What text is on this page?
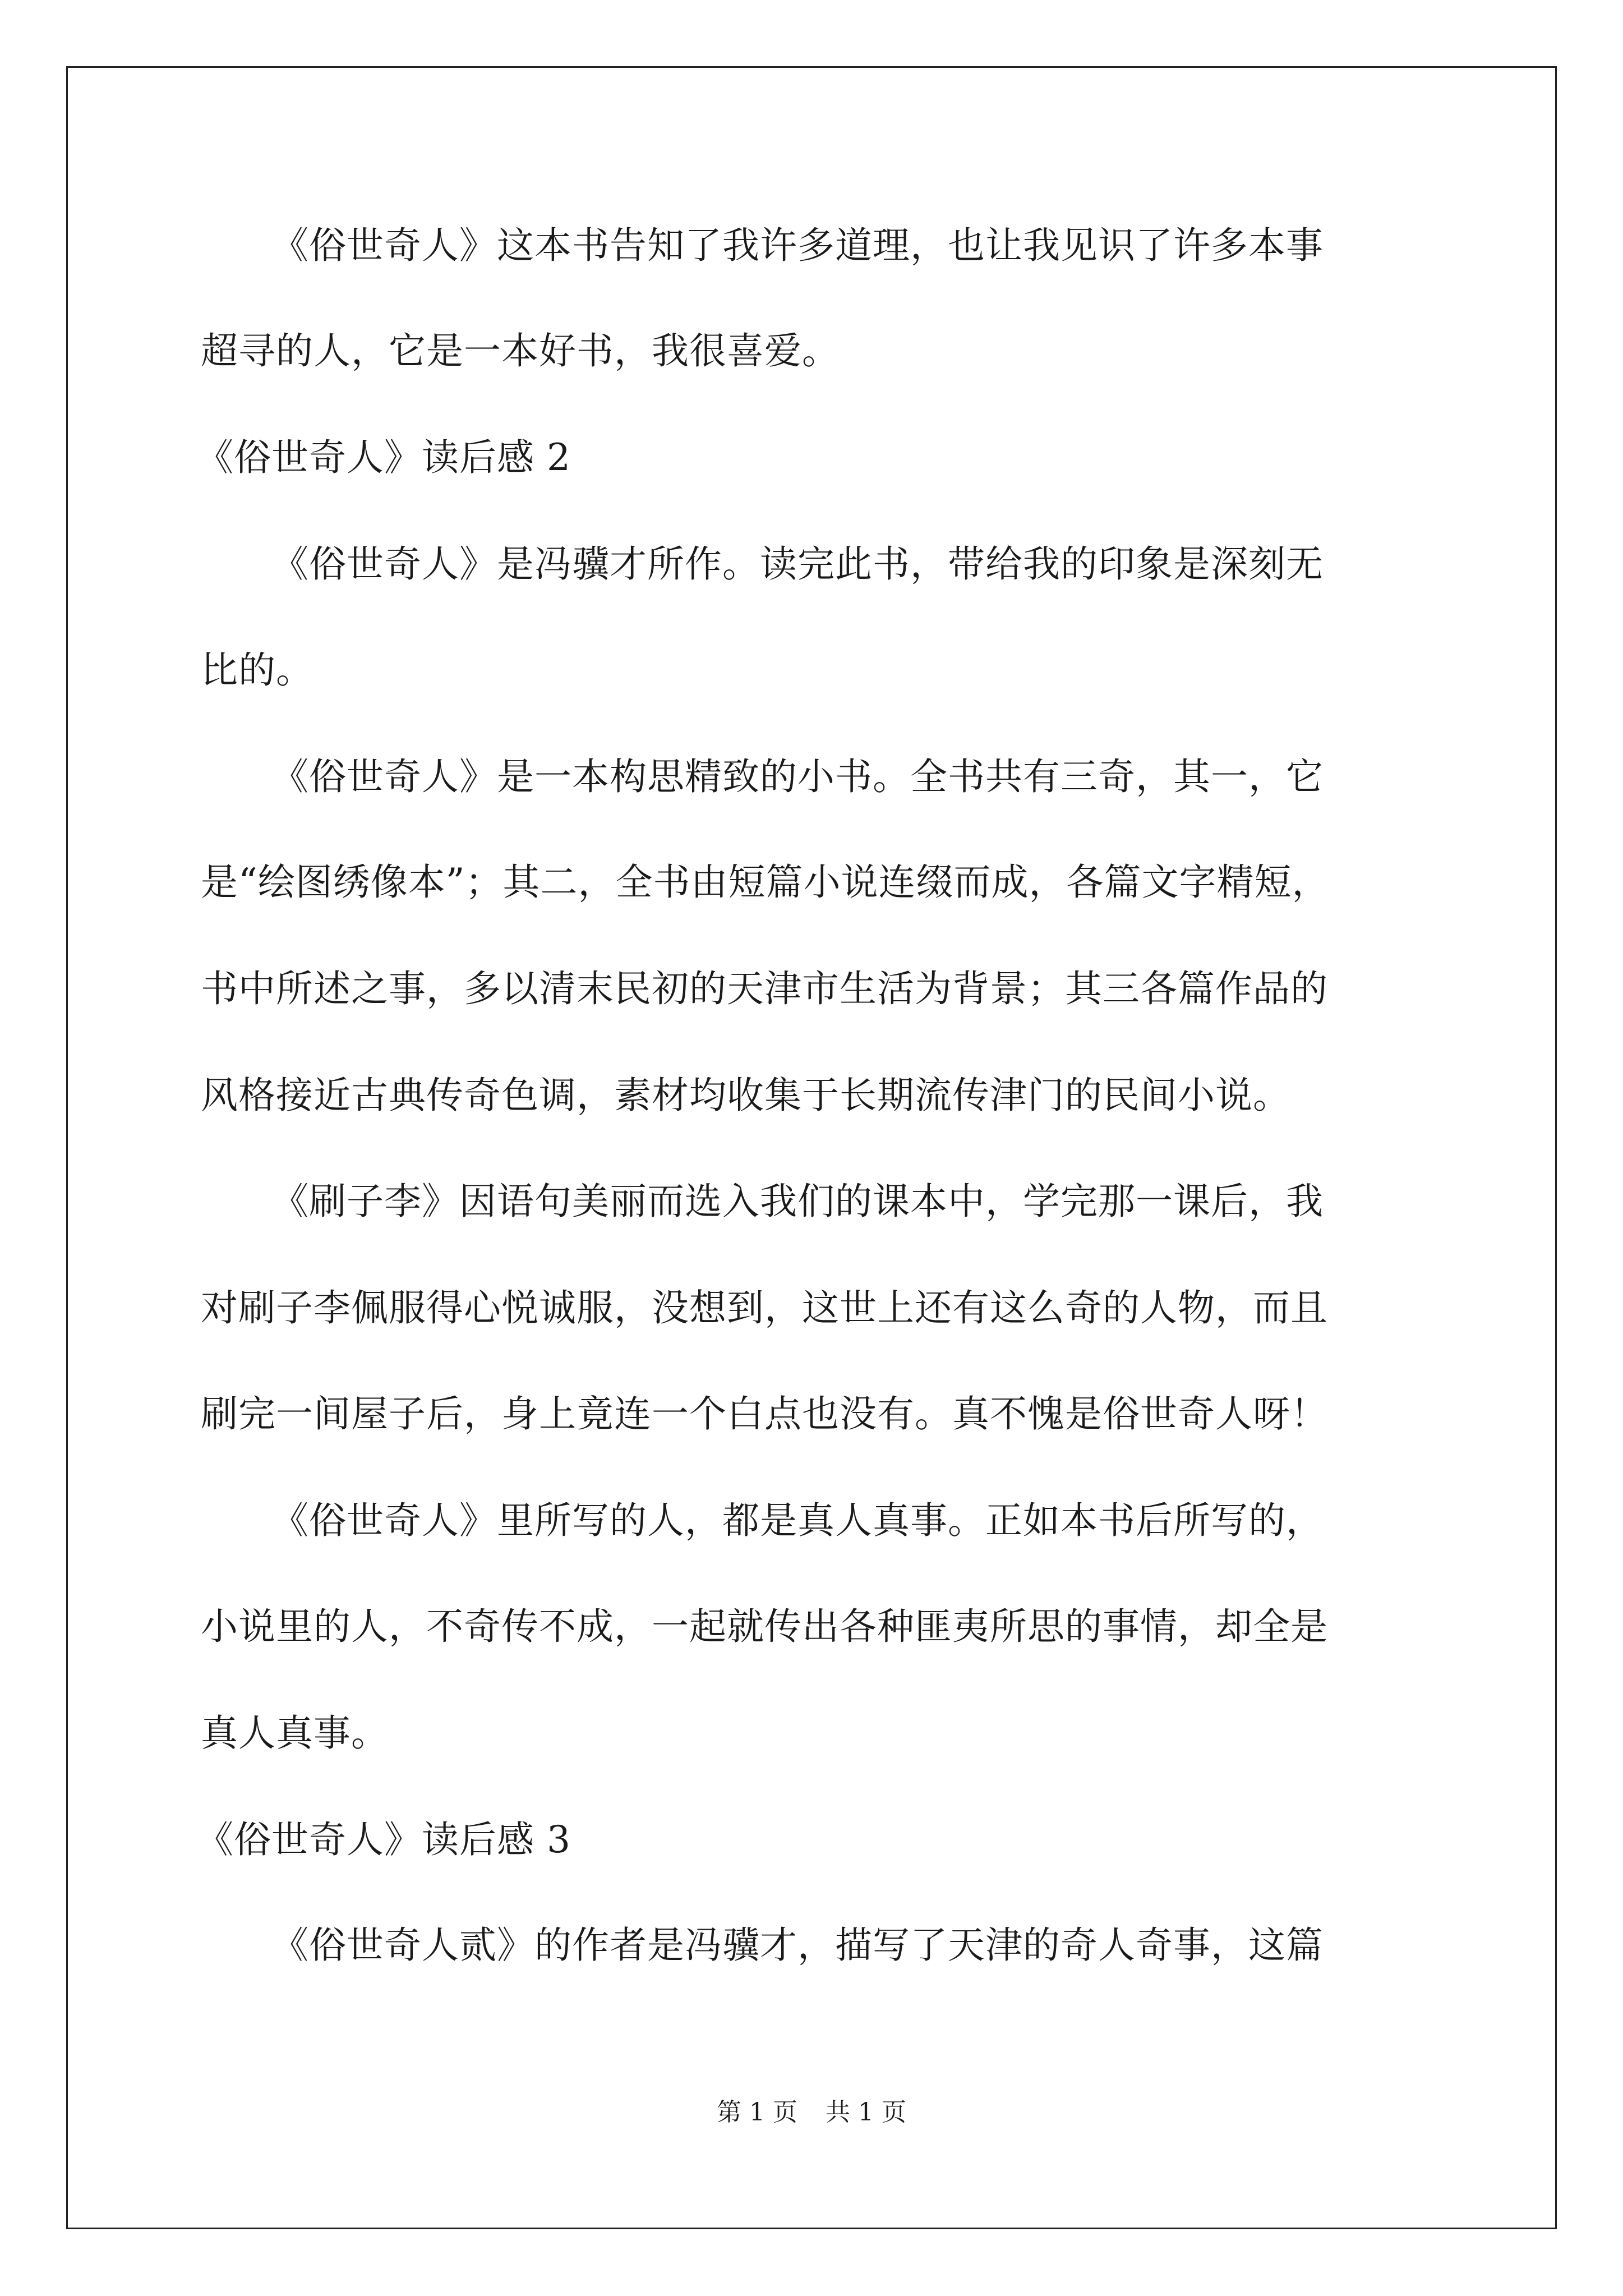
《俗世奇人》这本书告知了我许多道理，也让我见识了许多本事
超寻的人，它是一本好书，我很喜爱。
《俗世奇人》读后感 2
《俗世奇人》是冯骥才所作。读完此书，带给我的印象是深刻无
比的。
《俗世奇人》是一本构思精致的小书。全书共有三奇，其一，它
是“绘图绣像本”；其二，全书由短篇小说连缀而成，各篇文字精短，
书中所述之事，多以清末民初的天津市生活为背景；其三各篇作品的
风格接近古典传奇色调，素材均收集于长期流传津门的民间小说。
《刷子李》因语句美丽而选入我们的课本中，学完那一课后，我
对刷子李佩服得心悦诚服，没想到，这世上还有这么奇的人物，而且
刷完一间屋子后，身上竟连一个白点也没有。真不愧是俗世奇人呀！
《俗世奇人》里所写的人，都是真人真事。正如本书后所写的，
小说里的人，不奇传不成，一起就传出各种匪夷所思的事情，却全是
真人真事。
《俗世奇人》读后感 3
《俗世奇人贰》的作者是冯骥才，描写了天津的奇人奇事，这篇
第 1 页 共 1 页
